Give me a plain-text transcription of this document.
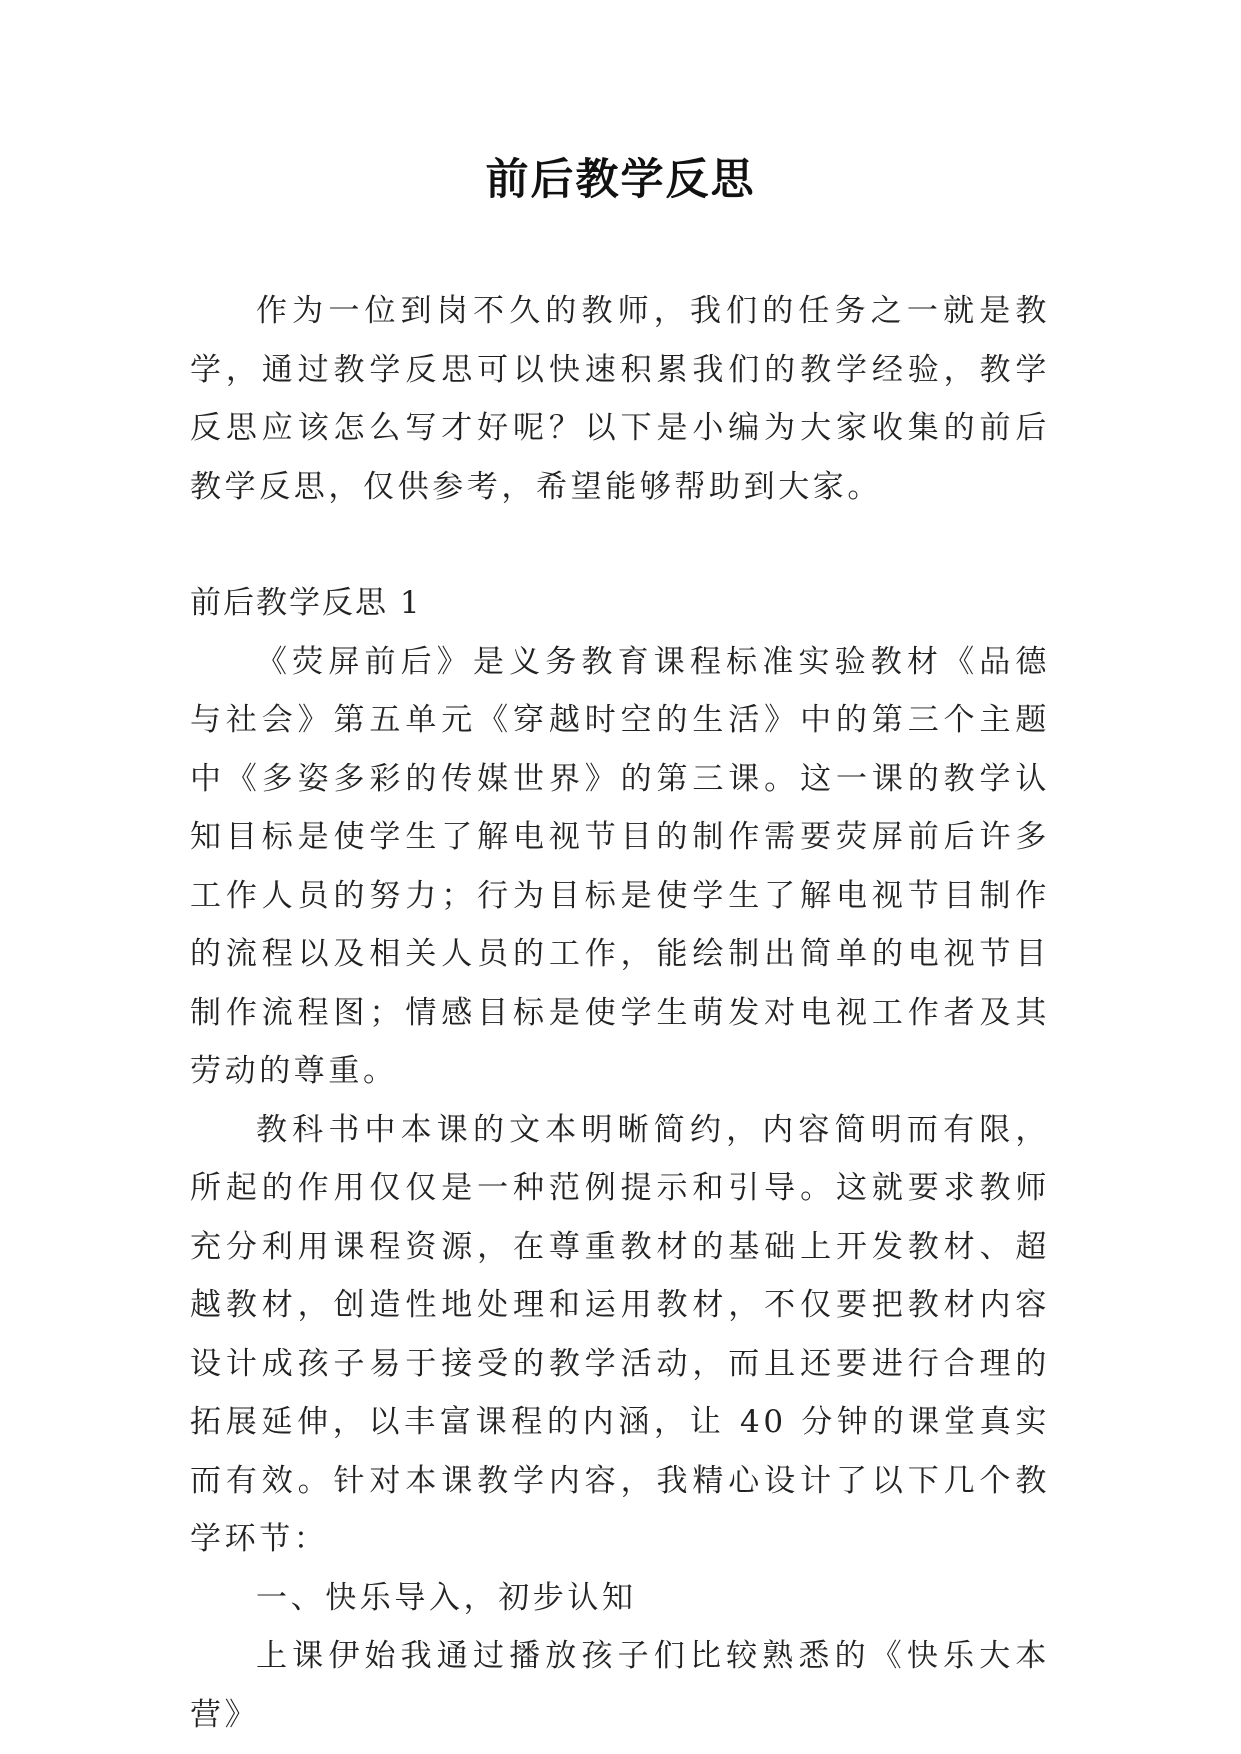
前后教学反思

作为一位到岗不久的教师，我们的任务之一就是教学，通过教学反思可以快速积累我们的教学经验，教学反思应该怎么写才好呢？以下是小编为大家收集的前后教学反思，仅供参考，希望能够帮助到大家。

前后教学反思 1

《荧屏前后》是义务教育课程标准实验教材《品德与社会》第五单元《穿越时空的生活》中的第三个主题中《多姿多彩的传媒世界》的第三课。这一课的教学认知目标是使学生了解电视节目的制作需要荧屏前后许多工作人员的努力；行为目标是使学生了解电视节目制作的流程以及相关人员的工作，能绘制出简单的电视节目制作流程图；情感目标是使学生萌发对电视工作者及其劳动的尊重。

教科书中本课的文本明晰简约，内容简明而有限，所起的作用仅仅是一种范例提示和引导。这就要求教师充分利用课程资源，在尊重教材的基础上开发教材、超越教材，创造性地处理和运用教材，不仅要把教材内容设计成孩子易于接受的教学活动，而且还要进行合理的拓展延伸，以丰富课程的内涵，让 40 分钟的课堂真实而有效。针对本课教学内容，我精心设计了以下几个教学环节：

一、快乐导入，初步认知

上课伊始我通过播放孩子们比较熟悉的《快乐大本营》
